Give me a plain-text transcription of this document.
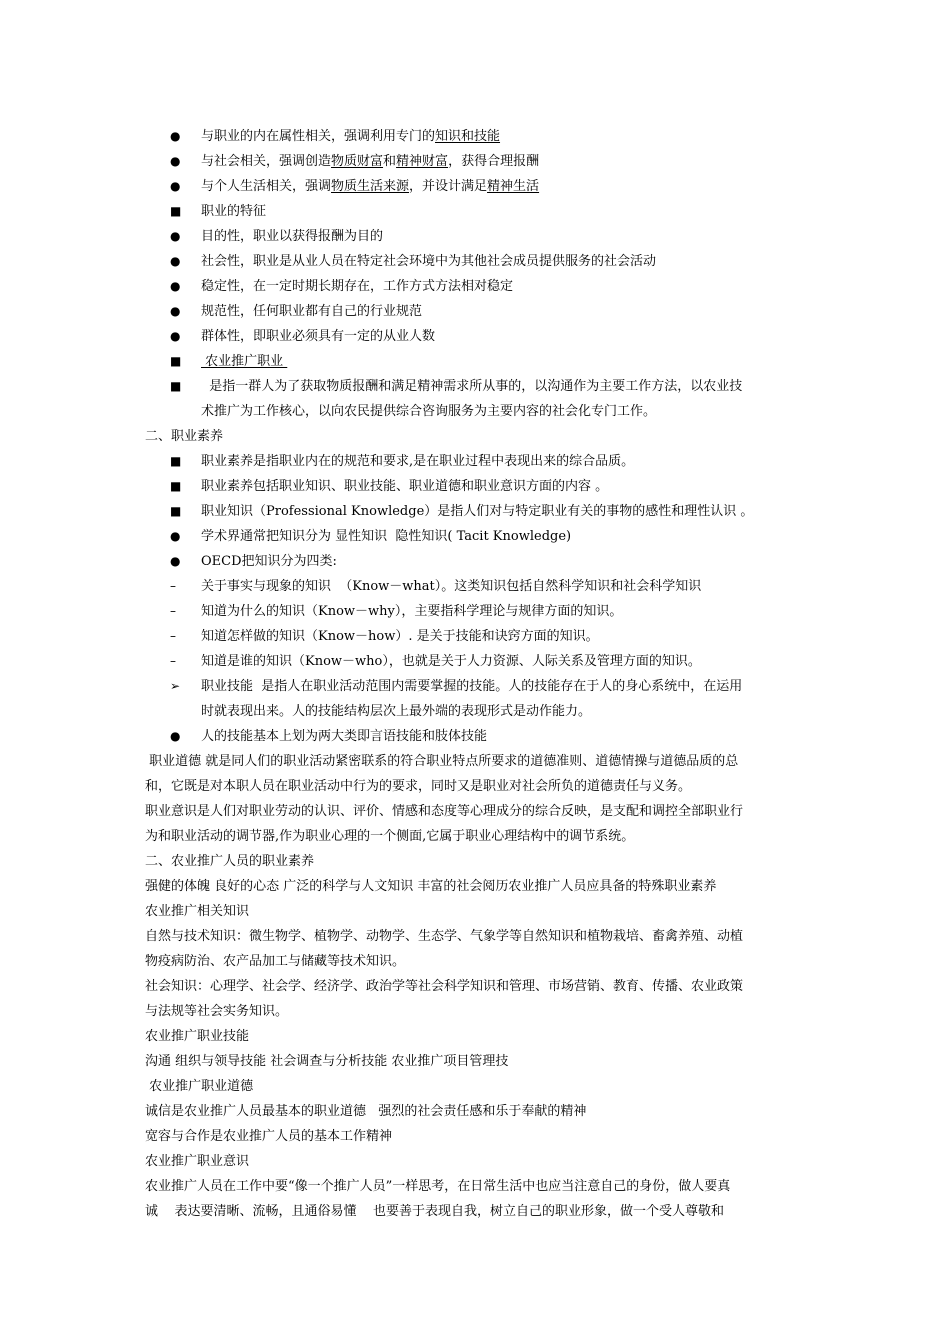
●	与职业的内在属性相关，强调利用专门的知识和技能
●	与社会相关，强调创造物质财富和精神财富，获得合理报酬
●	与个人生活相关，强调物质生活来源，并设计满足精神生活
■	职业的特征
●	目的性，职业以获得报酬为目的
●	社会性，职业是从业人员在特定社会环境中为其他社会成员提供服务的社会活动
●	稳定性，在一定时期长期存在，工作方式方法相对稳定
●	规范性，任何职业都有自己的行业规范
●	群体性，即职业必须具有一定的从业人数
■	农业推广职业
■	是指一群人为了获取物质报酬和满足精神需求所从事的，以沟通作为主要工作方法，以农业技
术推广为工作核心，以向农民提供综合咨询服务为主要内容的社会化专门工作。
二、职业素养
■	职业素养是指职业内在的规范和要求,是在职业过程中表现出来的综合品质。
■	职业素养包括职业知识、职业技能、职业道德和职业意识方面的内容 。
■	职业知识（Professional Knowledge）是指人们对与特定职业有关的事物的感性和理性认识 。
●	学术界通常把知识分为 显性知识  隐性知识( Tacit Knowledge)
●	OECD把知识分为四类:
–	关于事实与现象的知识  （Know－what）。这类知识包括自然科学知识和社会科学知识
–	知道为什么的知识（Know－why），主要指科学理论与规律方面的知识。
–	知道怎样做的知识（Know－how）. 是关于技能和诀窍方面的知识。
–	知道是谁的知识（Know－who），也就是关于人力资源、人际关系及管理方面的知识。
➢	职业技能  是指人在职业活动范围内需要掌握的技能。人的技能存在于人的身心系统中，在运用
时就表现出来。人的技能结构层次上最外端的表现形式是动作能力。
●	人的技能基本上划为两大类即言语技能和肢体技能
职业道德 就是同人们的职业活动紧密联系的符合职业特点所要求的道德准则、道德情操与道德品质的总
和，它既是对本职人员在职业活动中行为的要求，同时又是职业对社会所负的道德责任与义务。
职业意识是人们对职业劳动的认识、评价、情感和态度等心理成分的综合反映，是支配和调控全部职业行
为和职业活动的调节器,作为职业心理的一个侧面,它属于职业心理结构中的调节系统。
二、农业推广人员的职业素养
强健的体魄 良好的心态 广泛的科学与人文知识 丰富的社会阅历农业推广人员应具备的特殊职业素养
农业推广相关知识
自然与技术知识：微生物学、植物学、动物学、生态学、气象学等自然知识和植物栽培、畜禽养殖、动植
物疫病防治、农产品加工与储藏等技术知识。
社会知识：心理学、社会学、经济学、政治学等社会科学知识和管理、市场营销、教育、传播、农业政策
与法规等社会实务知识。
农业推广职业技能
沟通 组织与领导技能 社会调查与分析技能 农业推广项目管理技
农业推广职业道德
诚信是农业推广人员最基本的职业道德   强烈的社会责任感和乐于奉献的精神
宽容与合作是农业推广人员的基本工作精神
农业推广职业意识
农业推广人员在工作中要“像一个推广人员”一样思考，在日常生活中也应当注意自己的身份，做人要真
诚    表达要清晰、流畅，且通俗易懂    也要善于表现自我，树立自己的职业形象，做一个受人尊敬和
